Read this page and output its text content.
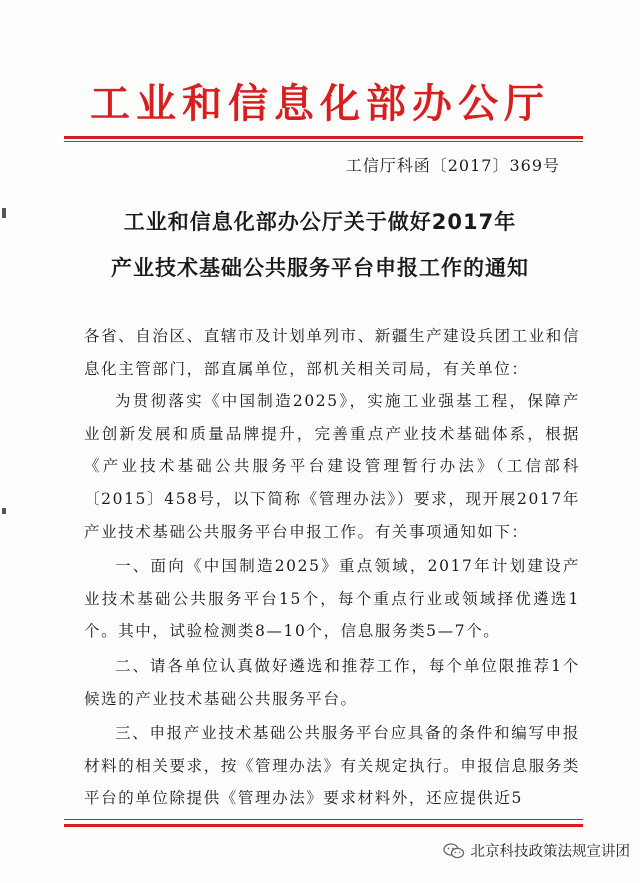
工业和信息化部办公厅
工信厅科函〔2017〕369号
工业和信息化部办公厅关于做好2017年
产业技术基础公共服务平台申报工作的通知

各省、自治区、直辖市及计划单列市、新疆生产建设兵团工业和信息化主管部门，部直属单位，部机关相关司局，有关单位：

为贯彻落实《中国制造2025》，实施工业强基工程，保障产业创新发展和质量品牌提升，完善重点产业技术基础体系，根据《产业技术基础公共服务平台建设管理暂行办法》（工信部科〔2015〕458号，以下简称《管理办法》）要求，现开展2017年产业技术基础公共服务平台申报工作。有关事项通知如下：

一、面向《中国制造2025》重点领域，2017年计划建设产业技术基础公共服务平台15个，每个重点行业或领域择优遴选1个。其中，试验检测类8—10个，信息服务类5—7个。

二、请各单位认真做好遴选和推荐工作，每个单位限推荐1个候选的产业技术基础公共服务平台。

三、申报产业技术基础公共服务平台应具备的条件和编写申报材料的相关要求，按《管理办法》有关规定执行。申报信息服务类平台的单位除提供《管理办法》要求材料外，还应提供近5

北京科技政策法规宣讲团
